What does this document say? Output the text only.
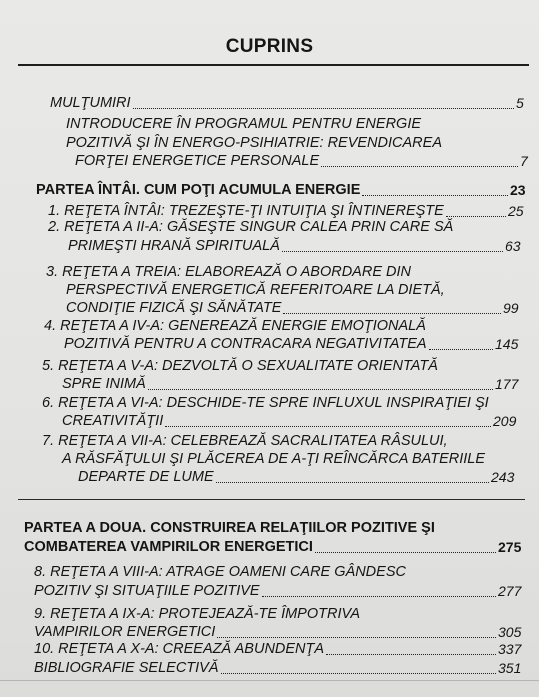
CUPRINS
MULŢUMIRI	5
INTRODUCERE ÎN PROGRAMUL PENTRU ENERGIE
POZITIVĂ ŞI ÎN ENERGO-PSIHIATRIE: REVENDICAREA
FORŢEI ENERGETICE PERSONALE	7
PARTEA ÎNTÂI. CUM POŢI ACUMULA ENERGIE	23
1. REŢETA ÎNTÂI: TREZEŞTE-ŢI INTUIŢIA ŞI ÎNTINEREŞTE	25
2. REŢETA A II-A: GĂSEŞTE SINGUR CALEA PRIN CARE SĂ
PRIMEŞTI HRANĂ SPIRITUALĂ	63
3. REŢETA A TREIA: ELABOREAZĂ O ABORDARE DIN
PERSPECTIVĂ ENERGETICĂ REFERITOARE LA DIETĂ,
CONDIŢIE FIZICĂ ŞI SĂNĂTATE	99
4. REŢETA A IV-A: GENEREAZĂ ENERGIE EMOŢIONALĂ
POZITIVĂ PENTRU A CONTRACARA NEGATIVITATEA	145
5. REŢETA A V-A: DEZVOLTĂ O SEXUALITATE ORIENTATĂ
SPRE INIMĂ	177
6. REŢETA A VI-A: DESCHIDE-TE SPRE INFLUXUL INSPIRAŢIEI ŞI
CREATIVITĂŢII	209
7. REŢETA A VII-A: CELEBREAZĂ SACRALITATEA RÂSULUI,
A RĂSFĂŢULUI ŞI PLĂCEREA DE A-ŢI REÎNCĂRCA BATERIILE
DEPARTE DE LUME	243
PARTEA A DOUA. CONSTRUIREA RELAŢIILOR POZITIVE ŞI
COMBATEREA VAMPIRILOR ENERGETICI	275
8. REŢETA A VIII-A: ATRAGE OAMENI CARE GÂNDESC
POZITIV ŞI SITUAŢIILE POZITIVE	277
9. REŢETA A IX-A: PROTEJEAZĂ-TE ÎMPOTRIVA
VAMPIRILOR ENERGETICI	305
10. REŢETA A X-A: CREEAZĂ ABUNDENŢA	337
BIBLIOGRAFIE SELECTIVĂ	351
